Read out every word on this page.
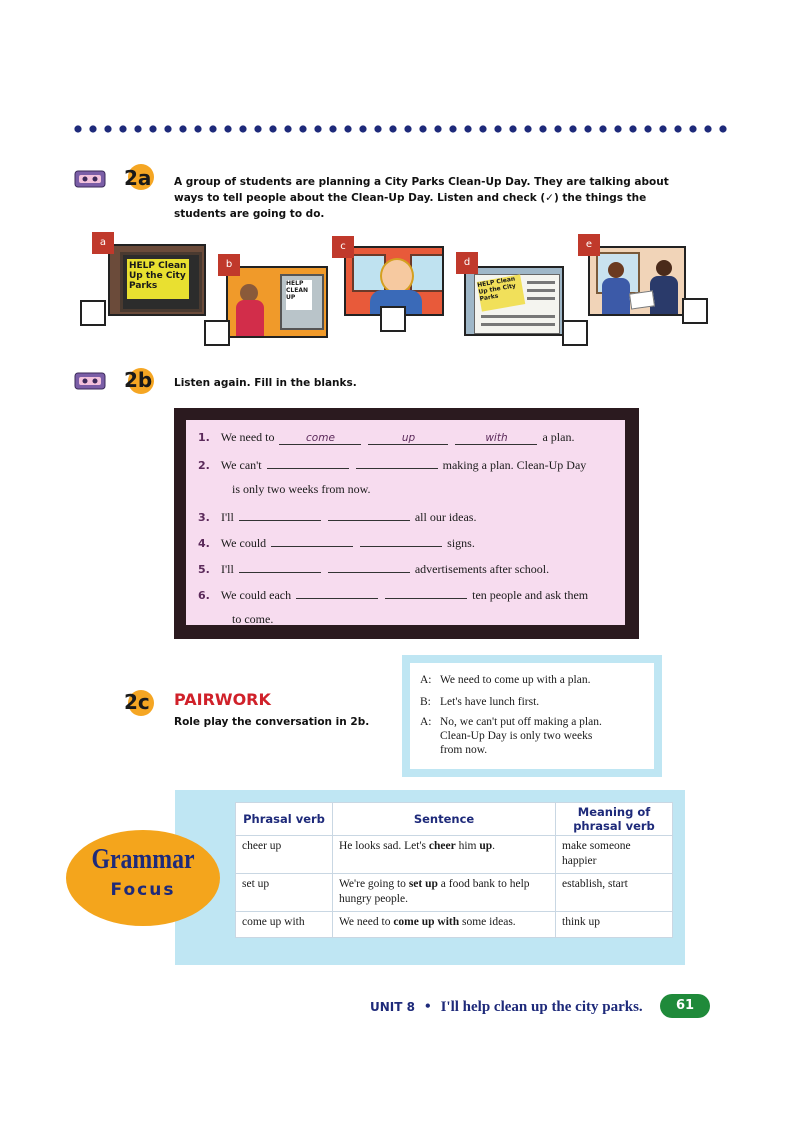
2a A group of students are planning a City Parks Clean-Up Day. They are talking about ways to tell people about the Clean-Up Day. Listen and check (✓) the things the students are going to do.
HELP Clean Up the City Parks
a
HELP CLEAN UP
b
c
HELP Clean Up the City Parks
d
e
2b Listen again. Fill in the blanks.
1. We need to	come	up	with	a plan.
2. We can't	making a plan. Clean-Up Day
is only two weeks from now.
3. I'll	all our ideas.
4. We could	signs.
5. I'll	advertisements after school.
6. We could each	ten people and ask them
to come.
2c PAIRWORK
Role play the conversation in 2b.
A: We need to come up with a plan.
B: Let's have lunch first.
A: No, we can't put off making a plan.
Clean-Up Day is only two weeks
from now.
Phrasal verb	Sentence	Meaning of phrasal verb
cheer up	He looks sad. Let's cheer him up.	make someone happier
set up	We're going to set up a food bank to help hungry people.	establish, start
come up with	We need to come up with some ideas.	think up
Grammar
Focus
UNIT 8 • I'll help clean up the city parks.	61
